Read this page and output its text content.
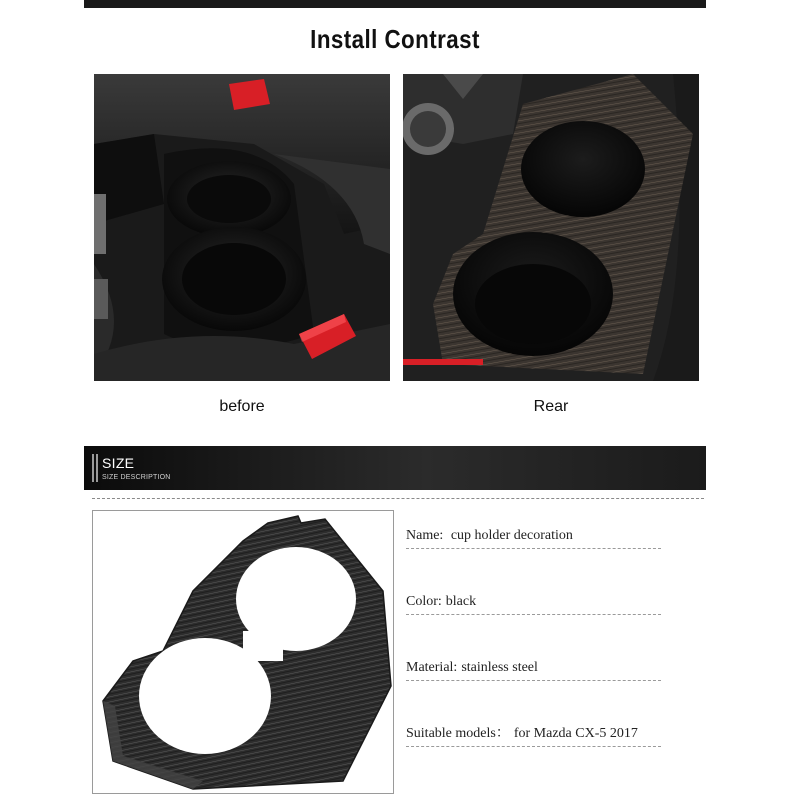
Install Contrast
before	Rear
SIZE
SIZE DESCRIPTION
Name: cup holder decoration
Color: black
Material: stainless steel
Suitable models： for Mazda CX-5 2017
